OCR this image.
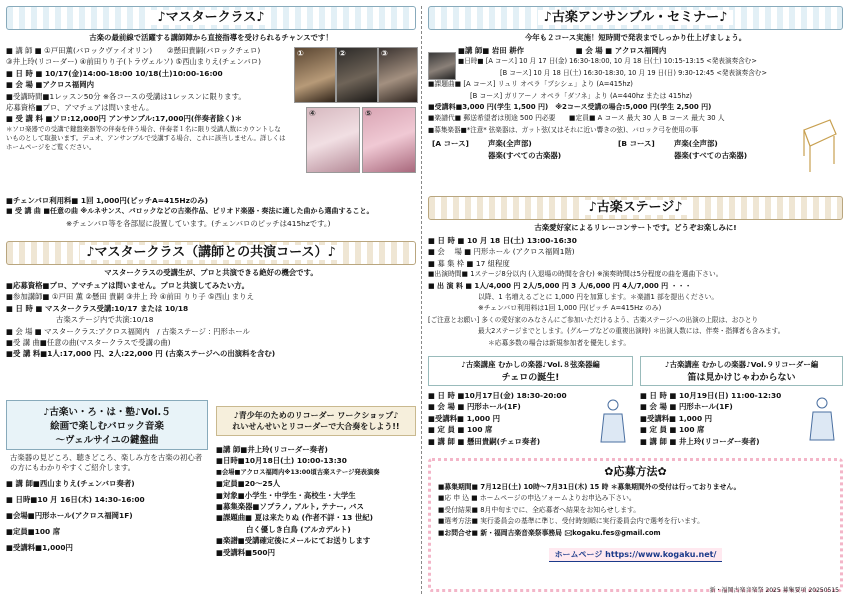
♪マスタークラス♪
古楽の最前線で活躍する講師陣から直接指導を受けられるチャンスです！
■ 講 師 ■ ①戸田薫(バロックヴァイオリン)　　②懸田貴嗣(バロックチェロ)
③井上玲(リコーダー) ④前田りり子(トラヴェルソ) ⑤西山まりえ(チェンバロ)
■ 日 時 ■ 10/17(金)14:00-18:00 10/18(土)10:00-16:00
■ 会 場 ■アクロス福岡内
■受講時間■1レッスン50分 ※各コースの受講は1レッスンに限ります。
応募資格■プロ、アマチュアは問いません。
■ 受 講 料 ■ソロ:12,000円 アンサンブル:17,000円(伴奏者除く)＊
＊ソロ楽器での受講で鍵盤楽器等の伴奏を伴う場合、伴奏者１名に限り受講人数にカウントしないものとして取扱います。デュオ、アンサンブルで受講する場合、これに該当しません。詳しくはホームページをご覧ください。
①	②	③
④	⑤
■チェンバロ利用料■ 1回 1,000円(ピッチA=415Hzのみ)
■ 受 講 曲 ■任意の曲 ※ルネサンス、バロックなどの古楽作品、ピリオド楽器・奏法に適した曲から選曲すること。
※チェンバロ等を各部屋に設置しています。(チェンバロのピッチは415hzです。)
♪マスタークラス（講師との共演コース）♪
マスタークラスの受講生が、プロと共演できる絶好の機会です。
■応募資格■プロ、アマチュアは問いません。プロと共演してみたい方。
■参加講師■ ①戸田 薫 ②懸田 貴嗣 ③井上 玲 ④前田 りり子 ⑤西山 まりえ
■ 日 時 ■ マスタークラス受講:10/17 または 10/18
古楽ステージ内で共演:10/18
■ 会 場 ■ マスタークラス:アクロス福岡内　/ 古楽ステージ : 円形ホール
■受 講 曲■任意の曲(マスタークラスで受講の曲)
■受 講 料■1人:17,000 円、2人:22,000 円 (古楽ステージへの出演料を含む)
♪古楽い・ろ・は・塾♪Vol.５
絵画で楽しむバロック音楽
〜ヴェルサイユの鍵盤曲
古楽器の見どころ、聴きどころ、楽しみ方を古楽の初心者の方にもわかりやすくご紹介します。
■ 講 師■西山まりえ(チェンバロ奏者)
■ 日時■10 月 16日(木) 14:30-16:00
■会場■円形ホール(アクロス福岡1F)
■定員■100 席
■受講料■1,000円
♪青少年のためのリコーダー ワークショップ♪
れいせんせいとリコーダーで大合奏をしよう!!
■講 師■井上玲(リコーダー奏者)
■日時■10月18日(土) 10:00-13:30
■会場■アクロス福岡内※13:00頃古楽ステージ発表演奏
■定員■20〜25人
■対象■小学生・中学生・高校生・大学生
■募集楽器■ソプラノ, アルト, テナー, バス
■課題曲■ 夏は来たりぬ (作者不詳・13 世紀)
白く優しき白鳥 (アルカデルト)
■楽譜■受講確定後にメールにてお送りします
■受講料■500円
♪古楽アンサンブル・セミナー♪
今年も２コース実施！短時間で発表までしっかり仕上げましょう。
■講 師■ 岩田 耕作　　　　　　　■ 会 場 ■ アクロス福岡内
■日時■ [A コース] 10 月 17 日(金) 16:30-18:00, 10 月 18 日(土) 10:15-13:15 <発表演奏含む>
[B コース] 10 月 18 日(土) 16:30-18:30, 10 月 19 日(日) 9:30-12:45 <発表演奏含む>
■課題曲■ [A コース] リュリ オペラ「プシシェ」より (A=415hz)
[B コース] ガリアーノ オペラ「ダフネ」より (A=440hz または 415hz)
■受講料■3,000 円(学生 1,500 円)　※2コース受講の場合:5,000 円(学生 2,500 円)
■楽譜代■ 郵送希望者は別途 500 円必要　　■定員■ A コース 最大 30 人 B コース 最大 30 人
■募集楽器■*注意* 弦楽器は、ガット弦(又はそれに近い響きの弦)、バロック弓を使用の事
[A コース]	声楽(全声部)
器楽(すべての古楽器)
[B コース]	声楽(全声部)
器楽(すべての古楽器)
♪古楽ステージ♪
古楽愛好家によるリレーコンサートです。どうぞお楽しみに!
■ 日 時 ■ 10 月 18 日(土) 13:00-16:30
■ 会 　場 ■ 円形ホール (アクロス福岡1階)
■ 募 集 枠 ■ 17 組程度
■出演時間■ 1ステージ8分以内 (入退場の時間を含む) ※演奏時間は5分程度の曲を選曲下さい。
■ 出 演 料 ■ 1人/4,000 円 2人/5,000 円 3 人/6,000 円 4人/7,000 円 ・・・
以降、1 名増えるごとに 1,000 円を加算します。＊楽譜1 部を提出ください。
※チェンバロ利用料は1回 1,000 円(ピッチ A=415Hz のみ)
[ご注意とお願い] 多くの愛好家のみなさんにご参加いただけるよう、古楽ステージへの出演の上限は、おひとり
最大2ステージまでとします。(グループなどの重複出演時) ＊出演人数には、伴奏・指揮者も含みます。
＊応募多数の場合は新規参加者を優先します。
♪古楽講座 むかしの楽器♪Vol.８弦楽器編
チェロの誕生!
■ 日 時 ■10月17日(金) 18:30-20:00
■ 会 場 ■ 円形ホール(1F)
■受講料■ 1,000 円
■ 定 員 ■ 100 席
■ 講 師 ■ 懸田貴嗣(チェロ奏者)
♪古楽講座 むかしの楽器♪Vol.９リコーダー編
笛は見かけじゃわからない
■ 日 時 ■ 10月19日(日) 11:00-12:30
■ 会 場 ■ 円形ホール(1F)
■受講料■ 1,000 円
■ 定 員 ■ 100 席
■ 講 師 ■ 井上玲(リコーダー奏者)
✿応募方法✿
■募集期間■ 7月12日(土) 10時〜7月31日(木) 15 時 ＊募集期間外の受付は行っておりません。
■応 申 込 ■ ホームページの申込フォームよりお申込み下さい。
■受付結果■ 8月中旬までに、全応募者へ結果をお知らせします。
■選考方法■ 実行委員会の基準に準じ、受付時刻順に実行委員会内で選考を行います。
■お問合せ■ 新・福岡古楽音楽祭事務局 🖂kogaku.fes@gmail.com
ホームページ https://www.kogaku.net/
新・福岡古楽音楽祭 2025 募集要項 20250515
